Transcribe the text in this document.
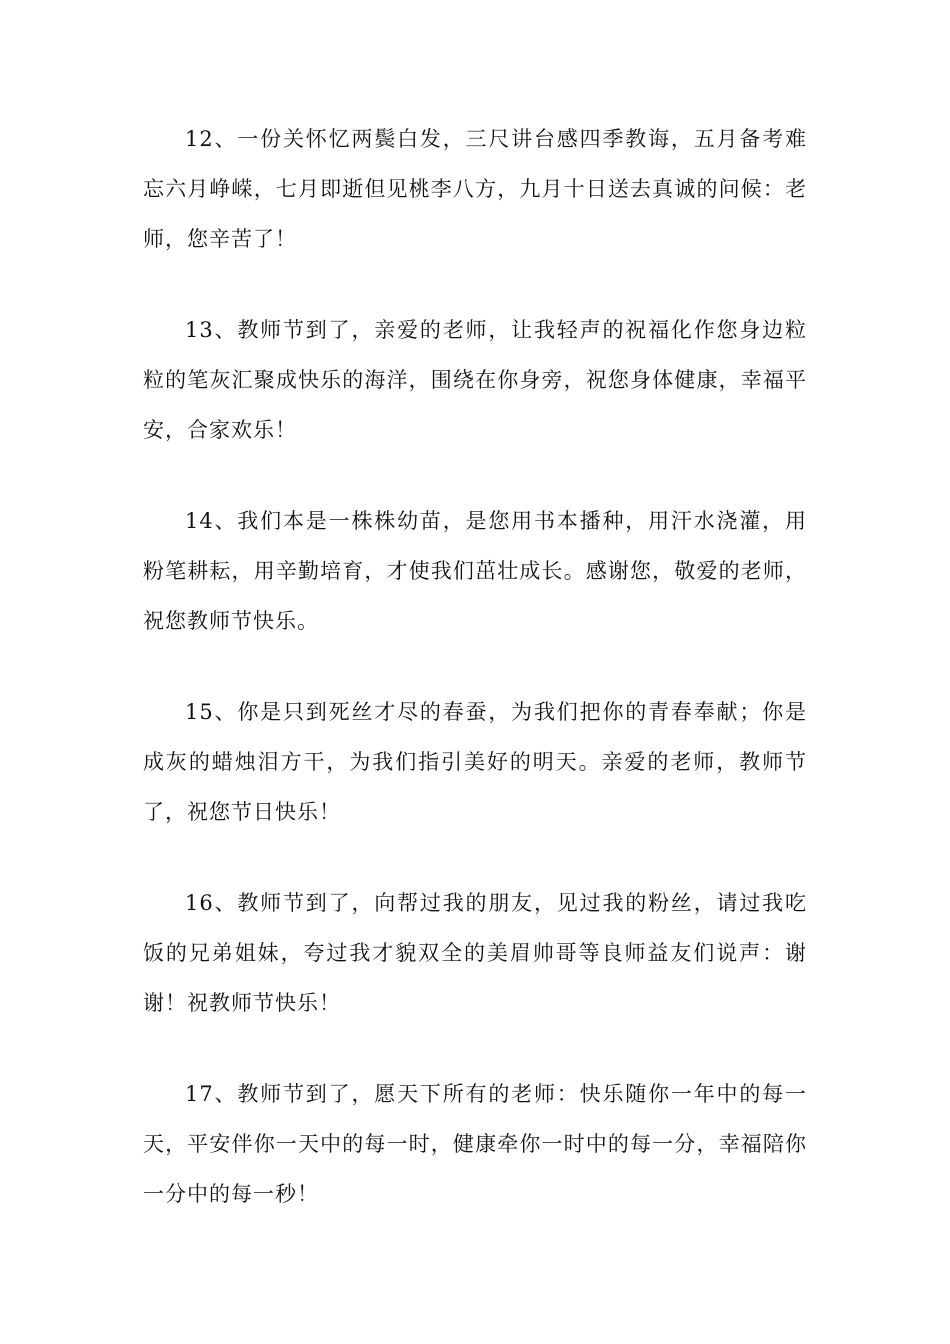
12、一份关怀忆两鬓白发，三尺讲台感四季教诲，五月备考难忘六月峥嵘，七月即逝但见桃李八方，九月十日送去真诚的问候：老师，您辛苦了！

13、教师节到了，亲爱的老师，让我轻声的祝福化作您身边粒粒的笔灰汇聚成快乐的海洋，围绕在你身旁，祝您身体健康，幸福平安，合家欢乐！

14、我们本是一株株幼苗，是您用书本播种，用汗水浇灌，用粉笔耕耘，用辛勤培育，才使我们茁壮成长。感谢您，敬爱的老师，祝您教师节快乐。

15、你是只到死丝才尽的春蚕，为我们把你的青春奉献；你是成灰的蜡烛泪方干，为我们指引美好的明天。亲爱的老师，教师节了，祝您节日快乐！

16、教师节到了，向帮过我的朋友，见过我的粉丝，请过我吃饭的兄弟姐妹，夸过我才貌双全的美眉帅哥等良师益友们说声：谢谢！祝教师节快乐！

17、教师节到了，愿天下所有的老师：快乐随你一年中的每一天，平安伴你一天中的每一时，健康牵你一时中的每一分，幸福陪你一分中的每一秒！
